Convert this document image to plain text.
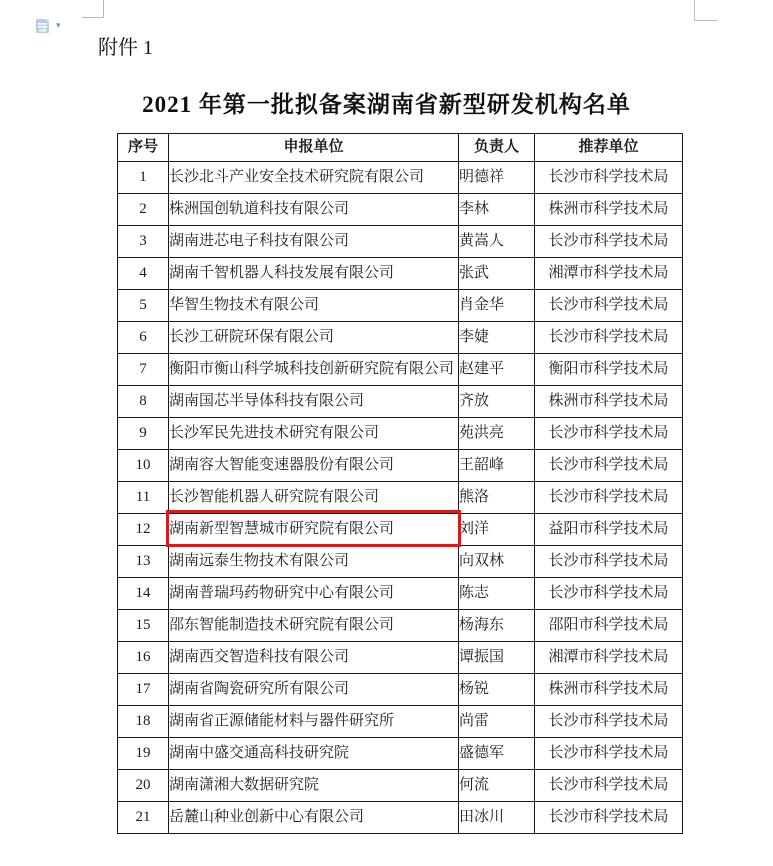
▾
附件 1
2021 年第一批拟备案湖南省新型研发机构名单
序号	申报单位	负责人	推荐单位
1	长沙北斗产业安全技术研究院有限公司	明德祥	长沙市科学技术局
2	株洲国创轨道科技有限公司	李林	株洲市科学技术局
3	湖南进芯电子科技有限公司	黄嵩人	长沙市科学技术局
4	湖南千智机器人科技发展有限公司	张武	湘潭市科学技术局
5	华智生物技术有限公司	肖金华	长沙市科学技术局
6	长沙工研院环保有限公司	李婕	长沙市科学技术局
7	衡阳市衡山科学城科技创新研究院有限公司	赵建平	衡阳市科学技术局
8	湖南国芯半导体科技有限公司	齐放	株洲市科学技术局
9	长沙军民先进技术研究有限公司	苑洪亮	长沙市科学技术局
10	湖南容大智能变速器股份有限公司	王韶峰	长沙市科学技术局
11	长沙智能机器人研究院有限公司	熊洛	长沙市科学技术局
12	湖南新型智慧城市研究院有限公司	刘洋	益阳市科学技术局
13	湖南远泰生物技术有限公司	向双林	长沙市科学技术局
14	湖南普瑞玛药物研究中心有限公司	陈志	长沙市科学技术局
15	邵东智能制造技术研究院有限公司	杨海东	邵阳市科学技术局
16	湖南西交智造科技有限公司	谭振国	湘潭市科学技术局
17	湖南省陶瓷研究所有限公司	杨锐	株洲市科学技术局
18	湖南省正源储能材料与器件研究所	尚雷	长沙市科学技术局
19	湖南中盛交通高科技研究院	盛德军	长沙市科学技术局
20	湖南潇湘大数据研究院	何流	长沙市科学技术局
21	岳麓山种业创新中心有限公司	田冰川	长沙市科学技术局
